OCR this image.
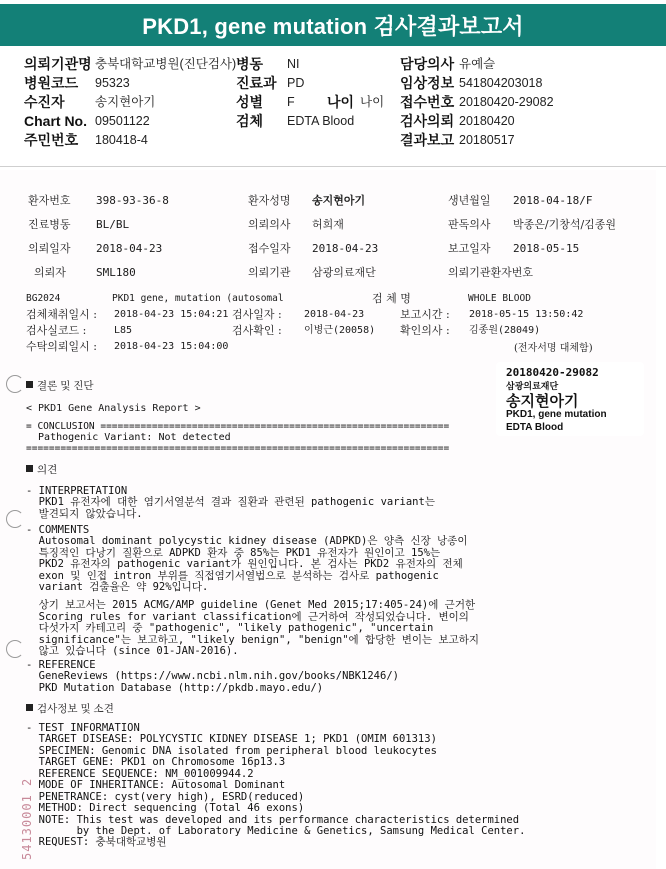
PKD1, gene mutation 검사결과보고서
의뢰기관명 충북대학교병원(진단검사) 병동 NI	담당의사 유예슬
병원코드 95323	진료과 PD	임상정보 541804203018
수진자 송지현아기	성별 F 나이 나이 접수번호 20180420-29082
Chart No. 09501122	검체 EDTA Blood	검사의뢰 20180420
주민번호 180418-4	결과보고 20180517
환자번호 398-93-36-8	환자성명 송지현아기	생년월일 2018-04-18/F
진료병동 BL/BL	의뢰의사 허희재	판독의사 박종은/기창석/김종원
의뢰일자 2018-04-23	접수일자 2018-04-23	보고일자 2018-05-15
의뢰자	SML180	의뢰기관 삼광의료재단	의뢰기관환자번호
BG2024	PKD1 gene, mutation (autosomal	검 체 명	WHOLE BLOOD
검체채취일시 : 2018-04-23 15:04:21 검사일자 : 2018-04-23	보고시간 : 2018-05-15 13:50:42
검사실코드 :	L85	검사확인 : 이병근(20058) 확인의사 : 김종원(28049)
수탁의뢰일시 : 2018-04-23 15:04:00	(전자서명 대체함)
20180420-29082
삼광의료재단
송지현아기
PKD1, gene mutation
EDTA Blood
결론 및 진단
< PKD1 Gene Analysis Report >
= CONCLUSION =============================================================
Pathogenic Variant: Not detected
==========================================================================
의견
- INTERPRETATION
PKD1 유전자에 대한 염기서열분석 결과 질환과 관련된 pathogenic variant는
발견되지 않았습니다.
- COMMENTS
Autosomal dominant polycystic kidney disease (ADPKD)은 양측 신장 낭종이
특징적인 다낭기 질환으로 ADPKD 환자 중 85%는 PKD1 유전자가 원인이고 15%는
PKD2 유전자의 pathogenic variant가 원인입니다. 본 검사는 PKD2 유전자의 전체
exon 및 인접 intron 부위를 직접염기서열법으로 분석하는 검사로 pathogenic
variant 검출율은 약 92%입니다.
상기 보고서는 2015 ACMG/AMP guideline (Genet Med 2015;17:405-24)에 근거한
Scoring rules for variant classification에 근거하여 작성되었습니다. 변이의
다섯가지 카테고리 중 "pathogenic", "likely pathogenic", "uncertain
significance"는 보고하고, "likely benign", "benign"에 합당한 변이는 보고하지
않고 있습니다 (since 01-JAN-2016).
- REFERENCE
GeneReviews (https://www.ncbi.nlm.nih.gov/books/NBK1246/)
PKD Mutation Database (http://pkdb.mayo.edu/)
검사정보 및 소견
- TEST INFORMATION
TARGET DISEASE: POLYCYSTIC KIDNEY DISEASE 1; PKD1 (OMIM 601313)
SPECIMEN: Genomic DNA isolated from peripheral blood leukocytes
TARGET GENE: PKD1 on Chromosome 16p13.3
REFERENCE SEQUENCE: NM_001009944.2
MODE OF INHERITANCE: Autosomal Dominant
PENETRANCE: cyst(very high), ESRD(reduced)
METHOD: Direct sequencing (Total 46 exons)
NOTE: This test was developed and its performance characteristics determined
by the Dept. of Laboratory Medicine & Genetics, Samsung Medical Center.
REQUEST: 충북대학교병원
54130001 2
